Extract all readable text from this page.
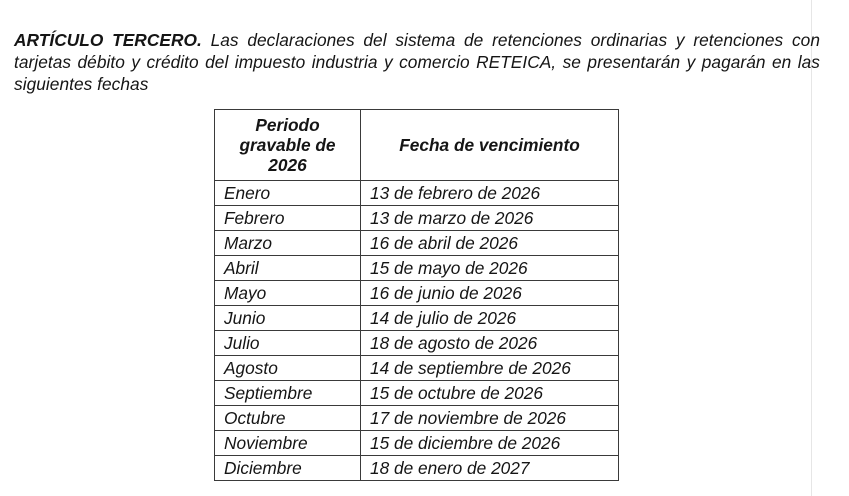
ARTÍCULO TERCERO. Las declaraciones del sistema de retenciones ordinarias y retenciones con tarjetas débito y crédito del impuesto industria y comercio RETEICA, se presentarán y pagarán en las siguientes fechas

Periodo gravable de 2026	Fecha de vencimiento
Enero	13 de febrero de 2026
Febrero	13 de marzo de 2026
Marzo	16 de abril de 2026
Abril	15 de mayo de 2026
Mayo	16 de junio de 2026
Junio	14 de julio de 2026
Julio	18 de agosto de 2026
Agosto	14 de septiembre de 2026
Septiembre	15 de octubre de 2026
Octubre	17 de noviembre de 2026
Noviembre	15 de diciembre de 2026
Diciembre	18 de enero de 2027
